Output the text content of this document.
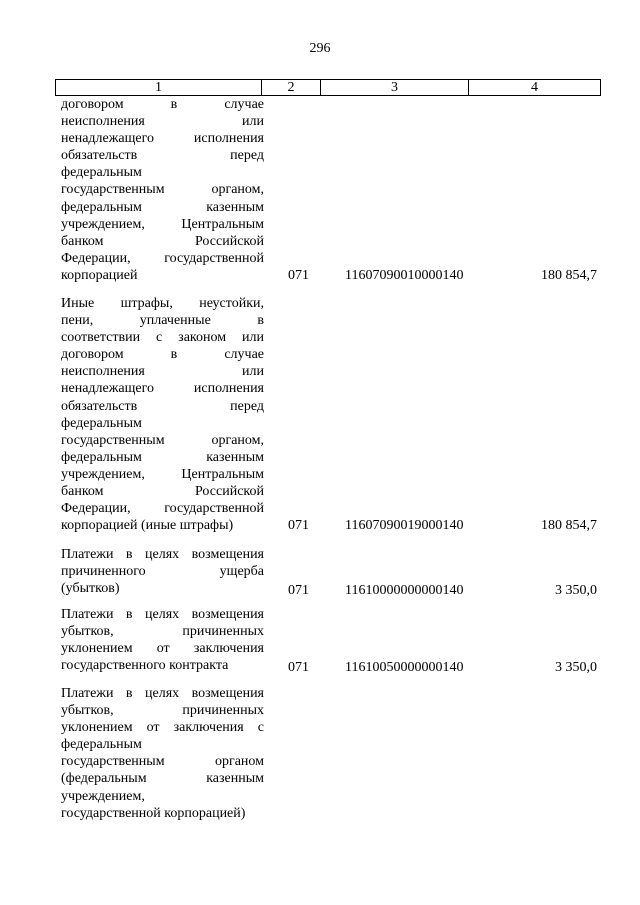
296
1	2	3	4
договором в случае
неисполнения или
ненадлежащего исполнения
обязательств перед
федеральным
государственным органом,
федеральным казенным
учреждением, Центральным
банком Российской
Федерации, государственной
корпорацией	071	11607090010000140	180 854,7
Иные штрафы, неустойки,
пени, уплаченные в
соответствии с законом или
договором в случае
неисполнения или
ненадлежащего исполнения
обязательств перед
федеральным
государственным органом,
федеральным казенным
учреждением, Центральным
банком Российской
Федерации, государственной
корпорацией (иные штрафы)	071	11607090019000140	180 854,7
Платежи в целях возмещения
причиненного ущерба
(убытков)	071	11610000000000140	3 350,0
Платежи в целях возмещения
убытков, причиненных
уклонением от заключения
государственного контракта	071	11610050000000140	3 350,0
Платежи в целях возмещения
убытков, причиненных
уклонением от заключения с
федеральным
государственным органом
(федеральным казенным
учреждением,
государственной корпорацией)
